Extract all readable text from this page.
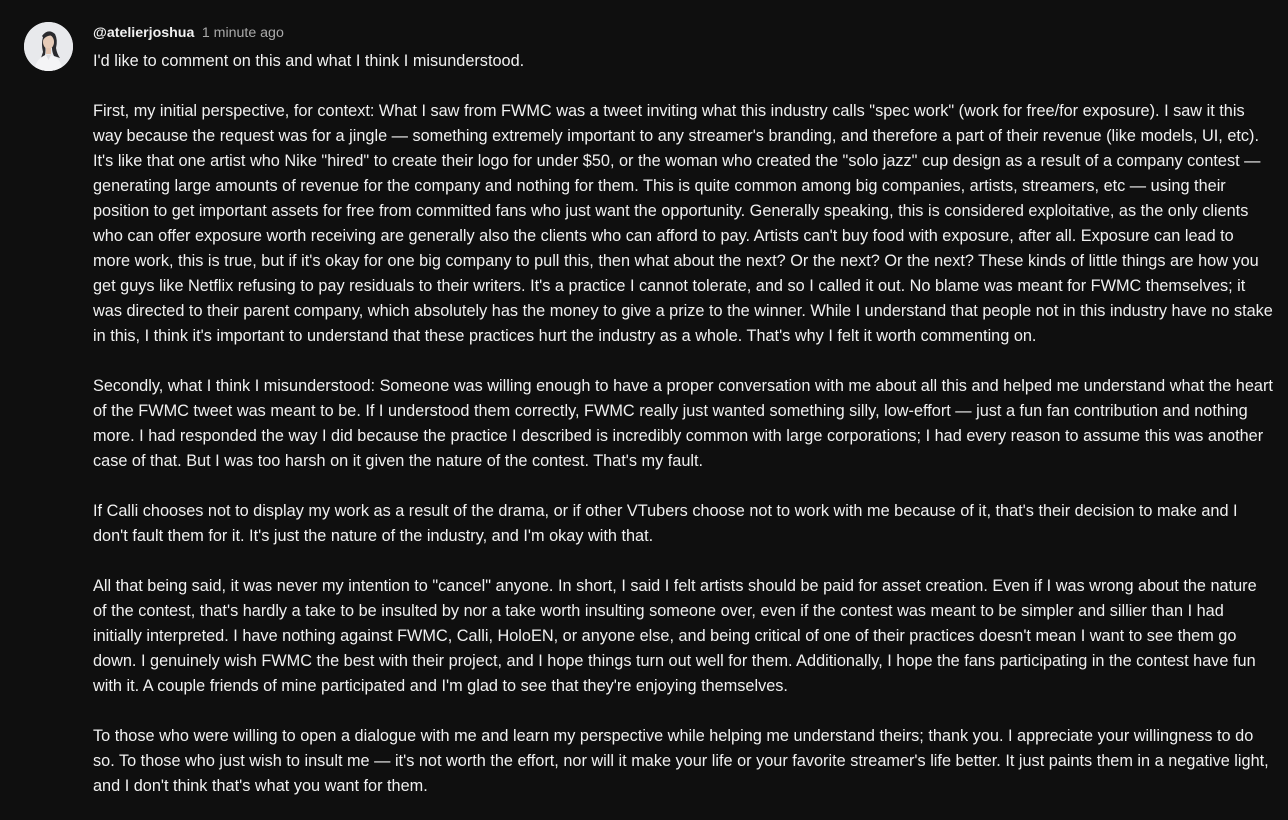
@atelierjoshua 1 minute ago

I'd like to comment on this and what I think I misunderstood.

First, my initial perspective, for context: What I saw from FWMC was a tweet inviting what this industry calls "spec work" (work for free/for exposure). I saw it this way because the request was for a jingle — something extremely important to any streamer's branding, and therefore a part of their revenue (like models, UI, etc). It's like that one artist who Nike "hired" to create their logo for under $50, or the woman who created the "solo jazz" cup design as a result of a company contest — generating large amounts of revenue for the company and nothing for them. This is quite common among big companies, artists, streamers, etc — using their position to get important assets for free from committed fans who just want the opportunity. Generally speaking, this is considered exploitative, as the only clients who can offer exposure worth receiving are generally also the clients who can afford to pay. Artists can't buy food with exposure, after all. Exposure can lead to more work, this is true, but if it's okay for one big company to pull this, then what about the next? Or the next? Or the next? These kinds of little things are how you get guys like Netflix refusing to pay residuals to their writers. It's a practice I cannot tolerate, and so I called it out. No blame was meant for FWMC themselves; it was directed to their parent company, which absolutely has the money to give a prize to the winner. While I understand that people not in this industry have no stake in this, I think it's important to understand that these practices hurt the industry as a whole. That's why I felt it worth commenting on.

Secondly, what I think I misunderstood: Someone was willing enough to have a proper conversation with me about all this and helped me understand what the heart of the FWMC tweet was meant to be. If I understood them correctly, FWMC really just wanted something silly, low-effort — just a fun fan contribution and nothing more. I had responded the way I did because the practice I described is incredibly common with large corporations; I had every reason to assume this was another case of that. But I was too harsh on it given the nature of the contest. That's my fault.

If Calli chooses not to display my work as a result of the drama, or if other VTubers choose not to work with me because of it, that's their decision to make and I don't fault them for it. It's just the nature of the industry, and I'm okay with that.

All that being said, it was never my intention to "cancel" anyone. In short, I said I felt artists should be paid for asset creation. Even if I was wrong about the nature of the contest, that's hardly a take to be insulted by nor a take worth insulting someone over, even if the contest was meant to be simpler and sillier than I had initially interpreted. I have nothing against FWMC, Calli, HoloEN, or anyone else, and being critical of one of their practices doesn't mean I want to see them go down. I genuinely wish FWMC the best with their project, and I hope things turn out well for them. Additionally, I hope the fans participating in the contest have fun with it. A couple friends of mine participated and I'm glad to see that they're enjoying themselves.

To those who were willing to open a dialogue with me and learn my perspective while helping me understand theirs; thank you. I appreciate your willingness to do so. To those who just wish to insult me — it's not worth the effort, nor will it make your life or your favorite streamer's life better. It just paints them in a negative light, and I don't think that's what you want for them.
